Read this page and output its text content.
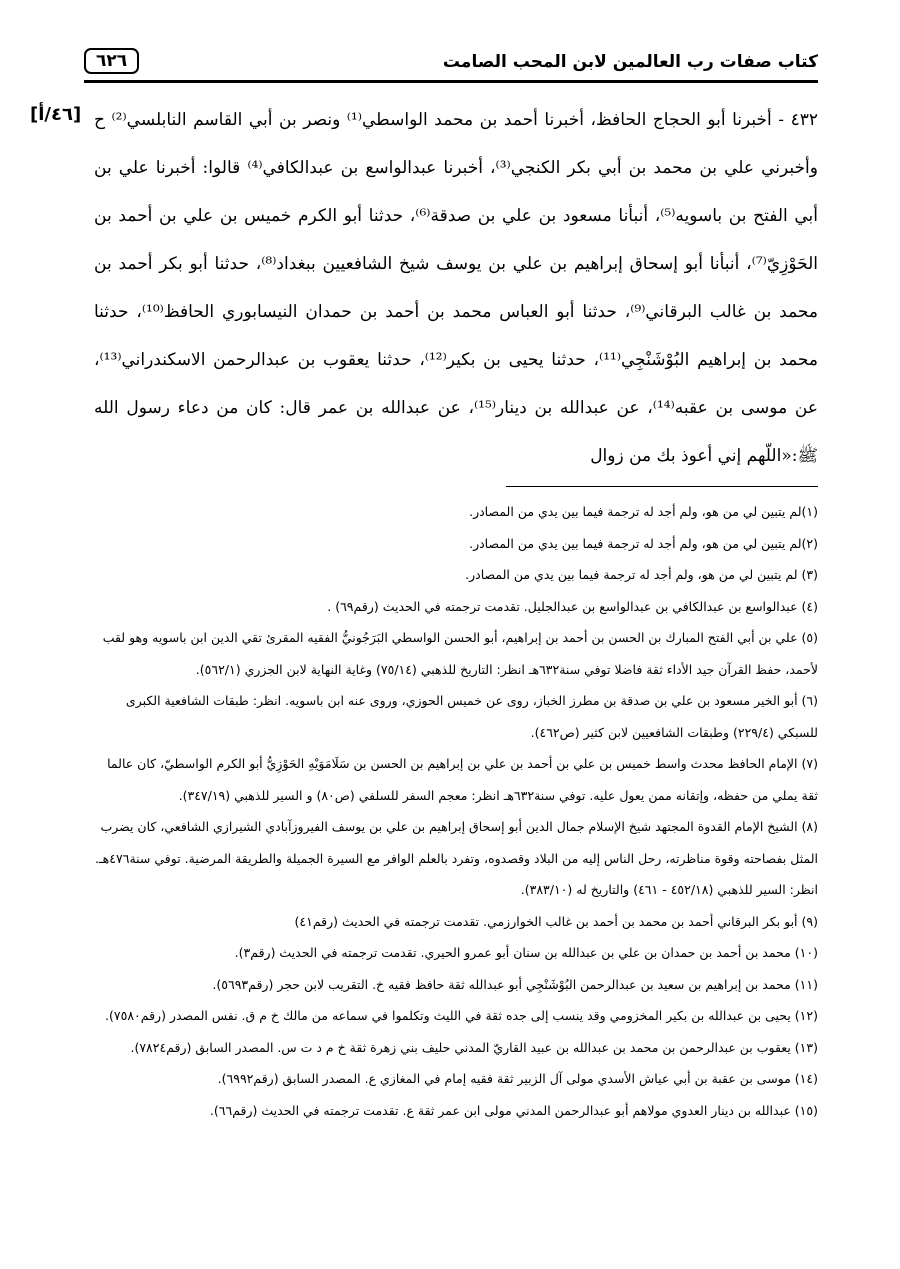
كتاب صفات رب العالمين لابن المحب الصامت
٦٢٦
[٤٦/أ] ٤٣٢ - أخبرنا أبو الحجاج الحافظ، أخبرنا أحمد بن محمد الواسطي⁽¹⁾ ونصر بن أبي القاسم النابلسي⁽²⁾ ح وأخبرني علي بن محمد بن أبي بكر الكنجي⁽³⁾، أخبرنا عبدالواسع بن عبدالكافي⁽⁴⁾ قالوا: أخبرنا علي بن أبي الفتح بن باسويه⁽⁵⁾، أنبأنا مسعود بن علي بن صدقة⁽⁶⁾، حدثنا أبو الكرم خميس بن علي بن أحمد بن الحَوْزِيّ⁽⁷⁾، أنبأنا أبو إسحاق إبراهيم بن علي بن يوسف شيخ الشافعيين ببغداد⁽⁸⁾، حدثنا أبو بكر أحمد بن محمد بن غالب البرقاني⁽⁹⁾، حدثنا أبو العباس محمد بن أحمد بن حمدان النيسابوري الحافظ⁽¹⁰⁾، حدثنا محمد بن إبراهيم البُوْشَنْجِي⁽¹¹⁾، حدثنا يحيى بن بكير⁽¹²⁾، حدثنا يعقوب بن عبدالرحمن الاسكندراني⁽¹³⁾، عن موسى بن عقبه⁽¹⁴⁾، عن عبدالله بن دينار⁽¹⁵⁾، عن عبدالله بن عمر قال: كان من دعاء رسول الله ﷺ:«اللّهم إني أعوذ بك من زوال

(١)لم يتبين لي من هو، ولم أجد له ترجمة فيما بين يدي من المصادر.

(٢)لم يتبين لي من هو، ولم أجد له ترجمة فيما بين يدي من المصادر.

(٣) لم يتبين لي من هو، ولم أجد له ترجمة فيما بين يدي من المصادر.

(٤) عبدالواسع بن عبدالكافي بن عبدالواسع بن عبدالجليل. تقدمت ترجمته في الحديث (رقم٦٩) .

(٥) علي بن أبي الفتح المبارك بن الحسن بن أحمد بن إبراهيم، أبو الحسن الواسطي البَرَجُونيُّ الفقيه المقرئ تقي الدين ابن باسويه وهو لقب لأحمد، حفظ القرآن جيد الأداء ثقة فاضلا توفي سنة٦٣٢هـ انظر: التاريخ للذهبي (٧٥/١٤) وغاية النهاية لابن الجزري (٥٦٢/١).

(٦) أبو الخير مسعود بن علي بن صدقة بن مطرز الخباز، روى عن خميس الحوزي، وروى عنه ابن باسويه. انظر: طبقات الشافعية الكبرى للسبكي (٢٢٩/٤) وطبقات الشافعيين لابن كثير (ص٤٦٢).

(٧) الإمام الحافظ محدث واسط خميس بن علي بن أحمد بن علي بن إبراهيم بن الحسن بن سَلَامَوَيْهِ الحَوْزِيُّ أبو الكرم الواسطيّ، كان عالما ثقة يملي من حفظه، وإتقانه ممن يعول عليه. توفي سنة٦٣٢هـ انظر: معجم السفر للسلفي (ص٨٠) و السير للذهبي (٣٤٧/١٩).

(٨) الشيخ الإمام القدوة المجتهد شيخ الإسلام جمال الدين أبو إسحاق إبراهيم بن علي بن يوسف الفيروزآبادي الشيرازي الشافعي، كان يضرب المثل بفصاحته وقوة مناظرته، رحل الناس إليه من البلاد وقصدوه، وتفرد بالعلم الوافر مع السيرة الجميلة والطريقة المرضية. توفي سنة٤٧٦هـ. انظر: السير للذهبي (٤٥٢/١٨ - ٤٦١) والتاريخ له (٣٨٣/١٠).

(٩) أبو بكر البرقاني أحمد بن محمد بن أحمد بن غالب الخوارزمي. تقدمت ترجمته في الحديث (رقم٤١)

(١٠) محمد بن أحمد بن حمدان بن علي بن عبدالله بن سنان أبو عمرو الحيري. تقدمت ترجمته في الحديث (رقم٣).

(١١) محمد بن إبراهيم بن سعيد بن عبدالرحمن البُوْشَنْجِي أبو عبدالله ثقة حافظ فقيه خ. التقريب لابن حجر (رقم٥٦٩٣).

(١٢) يحيى بن عبدالله بن بكير المخزومي وقد ينسب إلى جده ثقة في الليث وتكلموا في سماعه من مالك خ م ق. نفس المصدر (رقم٧٥٨٠).

(١٣) يعقوب بن عبدالرحمن بن محمد بن عبدالله بن عبيد القاريّ المدني حليف بني زهرة ثقة خ م د ت س. المصدر السابق (رقم٧٨٢٤).

(١٤) موسى بن عقبة بن أبي عياش الأسدي مولى آل الزبير ثقة فقيه إمام في المغازي ع. المصدر السابق (رقم٦٩٩٢).

(١٥) عبدالله بن دينار العدوي مولاهم أبو عبدالرحمن المدني مولى ابن عمر ثقة ع. تقدمت ترجمته في الحديث (رقم٦٦).
